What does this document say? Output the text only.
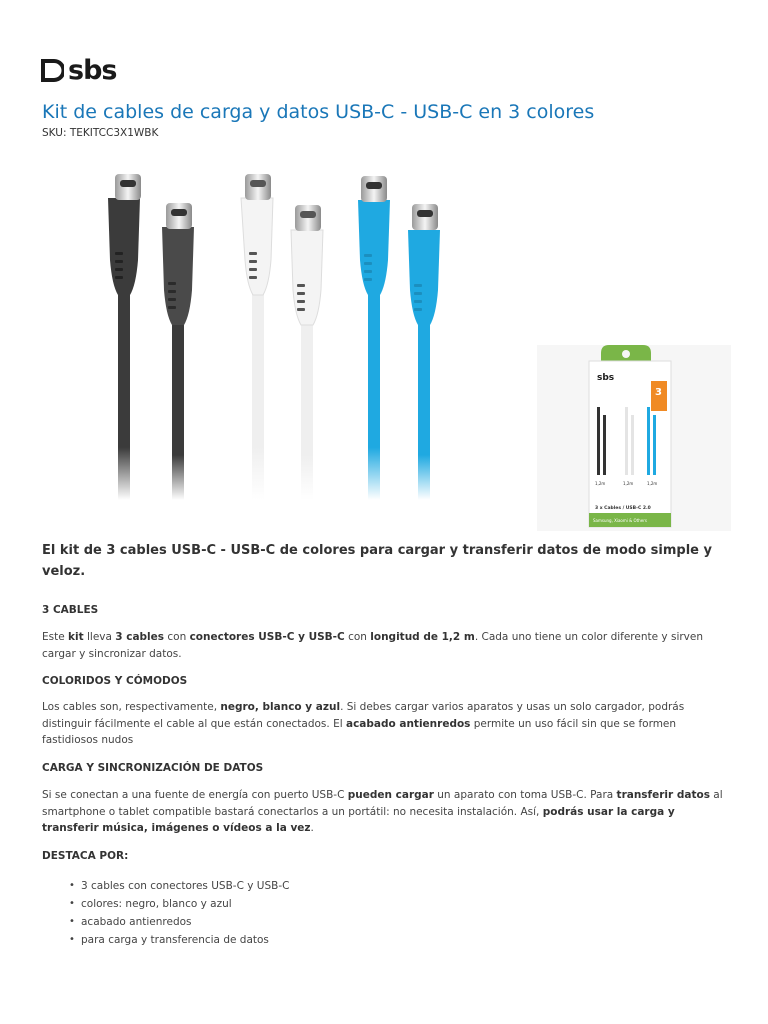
sbs
Kit de cables de carga y datos USB-C - USB-C en 3 colores
SKU: TEKITCC3X1WBK
sbs
3
1,2m	1,2m	1,2m
3 x Cables / USB-C 2.0
Samsung, Xiaomi & Others

El kit de 3 cables USB-C - USB-C de colores para cargar y transferir datos de modo simple y veloz.

3 CABLES

Este kit lleva 3 cables con conectores USB-C y USB-C con longitud de 1,2 m. Cada uno tiene un color diferente y sirven cargar y sincronizar datos.

COLORIDOS Y CÓMODOS

Los cables son, respectivamente, negro, blanco y azul. Si debes cargar varios aparatos y usas un solo cargador, podrás distinguir fácilmente el cable al que están conectados. El acabado antienredos permite un uso fácil sin que se formen fastidiosos nudos

CARGA Y SINCRONIZACIÓN DE DATOS

Si se conectan a una fuente de energía con puerto USB-C pueden cargar un aparato con toma USB-C. Para transferir datos al smartphone o tablet compatible bastará conectarlos a un portátil: no necesita instalación. Así, podrás usar la carga y transferir música, imágenes o vídeos a la vez.

DESTACA POR:
• 3 cables con conectores USB-C y USB-C
• colores: negro, blanco y azul
• acabado antienredos
• para carga y transferencia de datos
